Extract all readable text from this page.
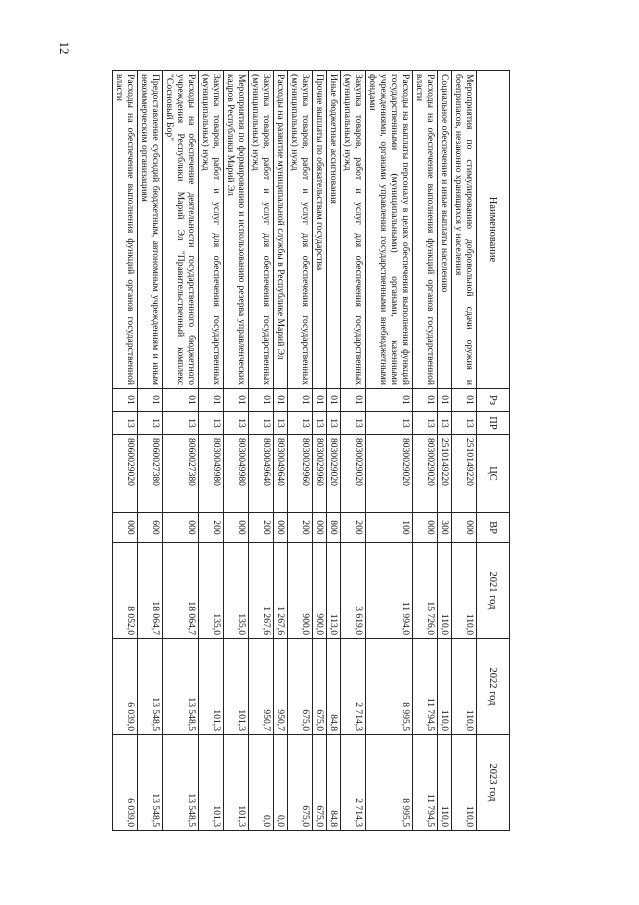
12
Наименование	Рз	ПР	ЦС	ВР	2021 год	2022 год	2023 год
Мероприятия по стимулированию добровольной сдачи оружия и боеприпасов, незаконно хранящихся у населения	01	13	2510149220	000	110,0	110,0	110,0
Социальное обеспечение и иные выплаты населению	01	13	2510149220	300	110,0	110,0	110,0
Расходы на обеспечение выполнения функций органов государственной власти	01	13	8030029020	000	15 726,0	11 794,5	11 794,5
Расходы на выплаты персоналу в целях обеспечения выполнения функций государственными (муниципальными) органами, казенными учреждениями, органами управления государственными внебюджетными фондами	01	13	8030029020	100	11 994,0	8 995,5	8 995,5
Закупка товаров, работ и услуг для обеспечения государственных (муниципальных) нужд	01	13	8030029020	200	3 619,0	2 714,3	2 714,3
Иные бюджетные ассигнования	01	13	8030029020	800	113,0	84,8	84,8
Прочие выплаты по обязательствам государства	01	13	8030029960	000	900,0	675,0	675,0
Закупка товаров, работ и услуг для обеспечения государственных (муниципальных) нужд	01	13	8030029960	200	900,0	675,0	675,0
Расходы на развитие муниципальной службы в Республике Марий Эл	01	13	8030049640	000	1 267,6	950,7	0,0
Закупка товаров, работ и услуг для обеспечения государственных (муниципальных) нужд	01	13	8030049640	200	1 267,6	950,7	0,0
Мероприятия по формированию и использованию резерва управленческих кадров Республики Марий Эл	01	13	8030049980	000	135,0	101,3	101,3
Закупка товаров, работ и услуг для обеспечения государственных (муниципальных) нужд	01	13	8030049980	200	135,0	101,3	101,3
Расходы на обеспечение деятельности государственного бюджетного учреждения Республики Марий Эл "Правительственный комплекс "Сосновый Бор"	01	13	8060027380	000	18 064,7	13 548,5	13 548,5
Предоставление субсидий бюджетным, автономным учреждениям и иным некоммерческим организациям	01	13	8060027380	600	18 064,7	13 548,5	13 548,5
Расходы на обеспечение выполнения функций органов государственной власти	01	13	8060029020	000	8 052,0	6 039,0	6 039,0
